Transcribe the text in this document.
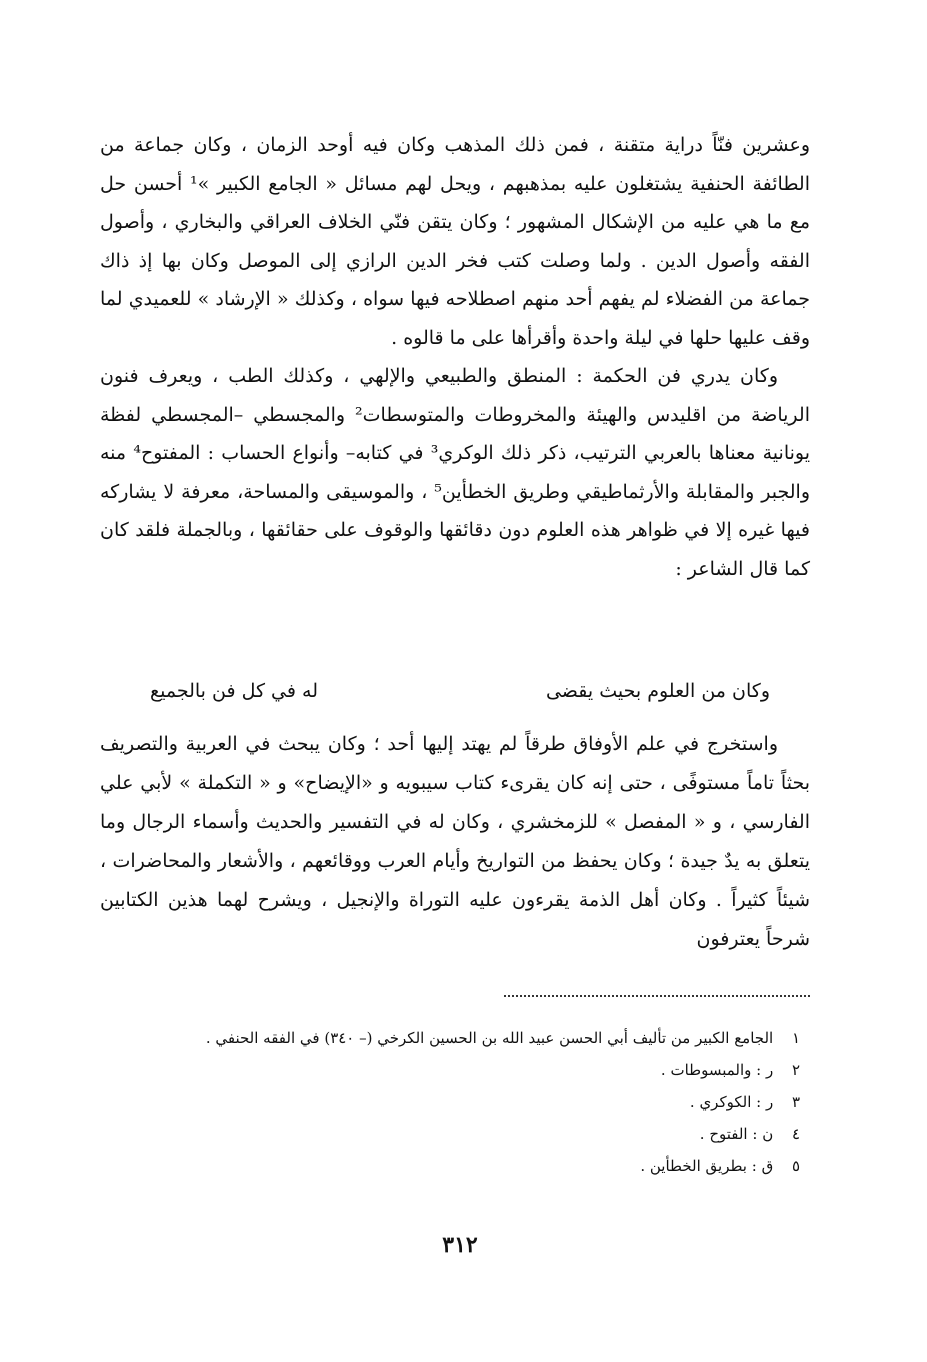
وعشرين فنّاً دراية متقنة ، فمن ذلك المذهب وكان فيه أوحد الزمان ، وكان جماعة من الطائفة الحنفية يشتغلون عليه بمذهبهم ، ويحل لهم مسائل « الجامع الكبير »¹ أحسن حل مع ما هي عليه من الإشكال المشهور ؛ وكان يتقن فنّي الخلاف العراقي والبخاري ، وأصول الفقه وأصول الدين . ولما وصلت كتب فخر الدين الرازي إلى الموصل وكان بها إذ ذاك جماعة من الفضلاء لم يفهم أحد منهم اصطلاحه فيها سواه ، وكذلك « الإرشاد » للعميدي لما وقف عليها حلها في ليلة واحدة وأقرأها على ما قالوه .

وكان يدري فن الحكمة : المنطق والطبيعي والإلهي ، وكذلك الطب ، ويعرف فنون الرياضة من اقليدس والهيئة والمخروطات والمتوسطات² والمجسطي –المجسطي لفظة يونانية معناها بالعربي الترتيب، ذكر ذلك الوكري³ في كتابه– وأنواع الحساب : المفتوح⁴ منه والجبر والمقابلة والأرثماطيقي وطريق الخطأين⁵ ، والموسيقى والمساحة، معرفة لا يشاركه فيها غيره إلا في ظواهر هذه العلوم دون دقائقها والوقوف على حقائقها ، وبالجملة فلقد كان كما قال الشاعر :

وكان من العلوم بحيث يقضى
له في كل فن بالجميع

واستخرج في علم الأوفاق طرقاً لم يهتد إليها أحد ؛ وكان يبحث في العربية والتصريف بحثاً تاماً مستوفًى ، حتى إنه كان يقرىء كتاب سيبويه و «الإيضاح» و « التكملة » لأبي علي الفارسي ، و « المفصل » للزمخشري ، وكان له في التفسير والحديث وأسماء الرجال وما يتعلق به يدٌ جيدة ؛ وكان يحفظ من التواريخ وأيام العرب ووقائعهم ، والأشعار والمحاضرات ، شيئاً كثيراً . وكان أهل الذمة يقرءون عليه التوراة والإنجيل ، ويشرح لهما هذين الكتابين شرحاً يعترفون

١ الجامع الكبير من تأليف أبي الحسن عبيد الله بن الحسين الكرخي (– ٣٤٠) في الفقه الحنفي .
٢ ر : والمبسوطات .
٣ ر : الكوكري .
٤ ن : الفتوح .
٥ ق : بطريق الخطأين .
٣١٢
